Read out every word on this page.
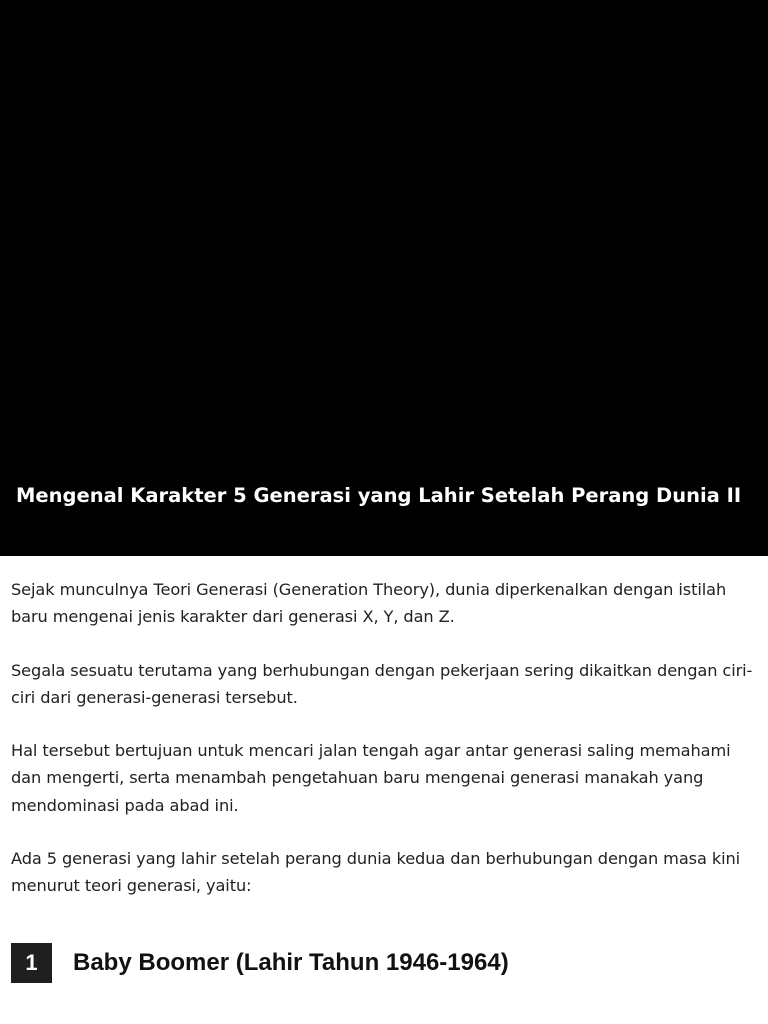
Mengenal Karakter 5 Generasi yang Lahir Setelah Perang Dunia II

Sejak munculnya Teori Generasi (Generation Theory), dunia diperkenalkan dengan istilah baru mengenai jenis karakter dari generasi X, Y, dan Z.

Segala sesuatu terutama yang berhubungan dengan pekerjaan sering dikaitkan dengan ciri-ciri dari generasi-generasi tersebut.

Hal tersebut bertujuan untuk mencari jalan tengah agar antar generasi saling memahami dan mengerti, serta menambah pengetahuan baru mengenai generasi manakah yang mendominasi pada abad ini.

Ada 5 generasi yang lahir setelah perang dunia kedua dan berhubungan dengan masa kini menurut teori generasi, yaitu:

1	Baby Boomer (Lahir Tahun 1946-1964)
